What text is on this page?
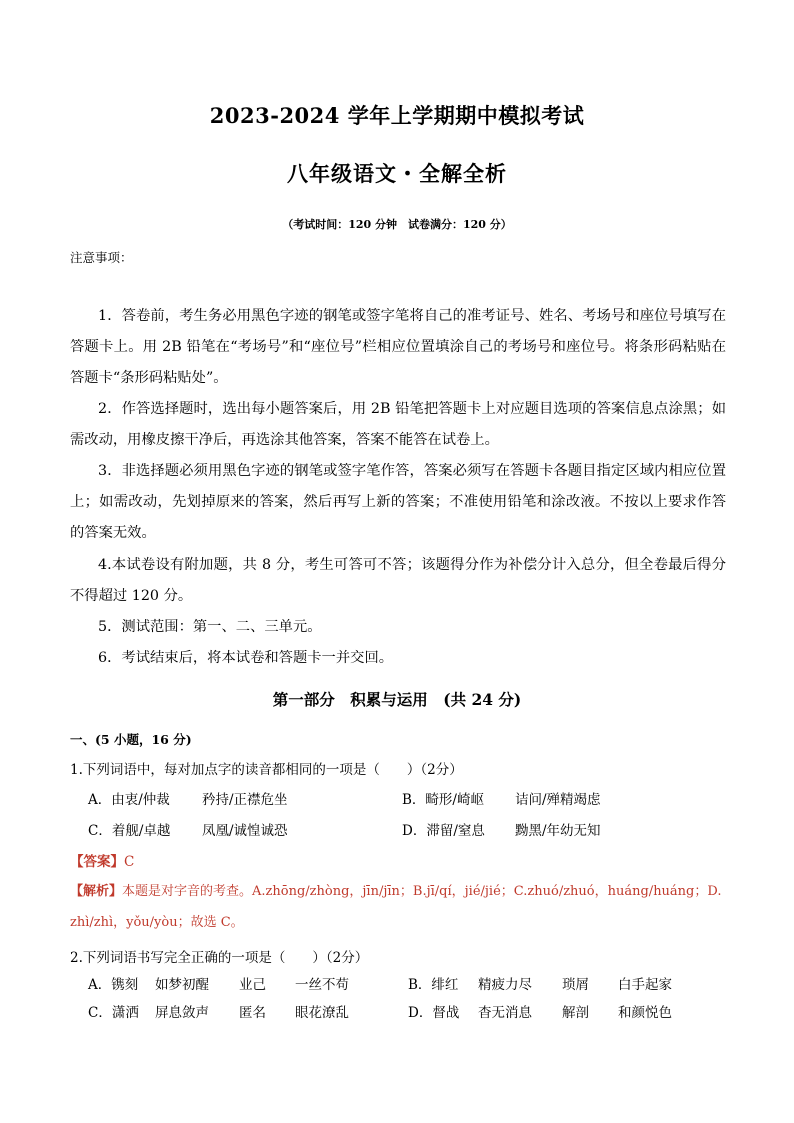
2023-2024 学年上学期期中模拟考试
八年级语文・全解全析
（考试时间：120 分钟　试卷满分：120 分）
注意事项：
1．答卷前，考生务必用黑色字迹的钢笔或签字笔将自己的准考证号、姓名、考场号和座位号填写在答题卡上。用 2B 铅笔在“考场号”和“座位号”栏相应位置填涂自己的考场号和座位号。将条形码粘贴在答题卡“条形码粘贴处”。
2．作答选择题时，选出每小题答案后，用 2B 铅笔把答题卡上对应题目选项的答案信息点涂黑；如需改动，用橡皮擦干净后，再选涂其他答案，答案不能答在试卷上。
3．非选择题必须用黑色字迹的钢笔或签字笔作答，答案必须写在答题卡各题目指定区域内相应位置上；如需改动，先划掉原来的答案，然后再写上新的答案；不准使用铅笔和涂改液。不按以上要求作答的答案无效。
4.本试卷设有附加题，共 8 分，考生可答可不答；该题得分作为补偿分计入总分，但全卷最后得分不得超过 120 分。
5．测试范围：第一、二、三单元。
6．考试结束后，将本试卷和答题卡一并交回。
第一部分　积累与运用　(共 24 分)
一、(5 小题，16 分)
1.下列词语中，每对加点字的读音都相同的一项是（　　）（2分）
A．由衷/仲裁 矜持/正襟危坐	B．畸形/崎岖 诘问/殚精竭虑
C．着舰/卓越 凤凰/诚惶诚恐	D．滞留/窒息 黝黑/年幼无知
【答案】C
【解析】本题是对字音的考查。A.zhōng/zhòng，jīn/jīn；B.jī/qí，jié/jié；C.zhuó/zhuó，huáng/huáng；D.zhì/zhì，yǒu/yòu；故选 C。
2.下列词语书写完全正确的一项是（　　）（2分）
A．镌刻 如梦初醒 业己 一丝不苟	B．绯红 精疲力尽 琐屑 白手起家
C．潇洒 屏息敛声 匿名 眼花潦乱	D．督战 杳无消息 解剖 和颜悦色
